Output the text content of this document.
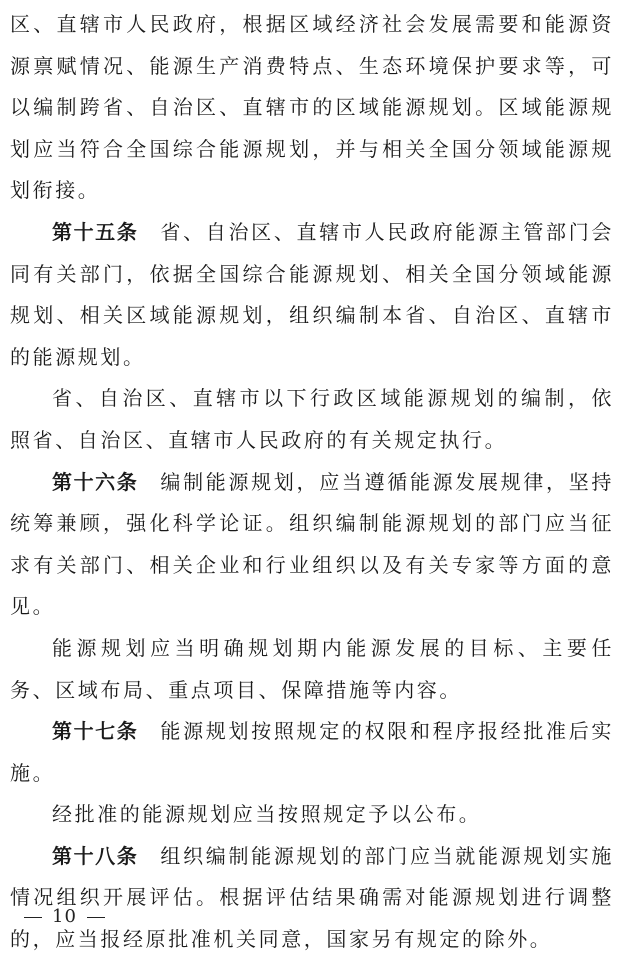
区、直辖市人民政府，根据区域经济社会发展需要和能源资源禀赋情况、能源生产消费特点、生态环境保护要求等，可以编制跨省、自治区、直辖市的区域能源规划。区域能源规划应当符合全国综合能源规划，并与相关全国分领域能源规划衔接。

第十五条 省、自治区、直辖市人民政府能源主管部门会同有关部门，依据全国综合能源规划、相关全国分领域能源规划、相关区域能源规划，组织编制本省、自治区、直辖市的能源规划。

省、自治区、直辖市以下行政区域能源规划的编制，依照省、自治区、直辖市人民政府的有关规定执行。

第十六条 编制能源规划，应当遵循能源发展规律，坚持统筹兼顾，强化科学论证。组织编制能源规划的部门应当征求有关部门、相关企业和行业组织以及有关专家等方面的意见。

能源规划应当明确规划期内能源发展的目标、主要任务、区域布局、重点项目、保障措施等内容。

第十七条 能源规划按照规定的权限和程序报经批准后实施。

经批准的能源规划应当按照规定予以公布。

第十八条 组织编制能源规划的部门应当就能源规划实施情况组织开展评估。根据评估结果确需对能源规划进行调整的，应当报经原批准机关同意，国家另有规定的除外。

10
